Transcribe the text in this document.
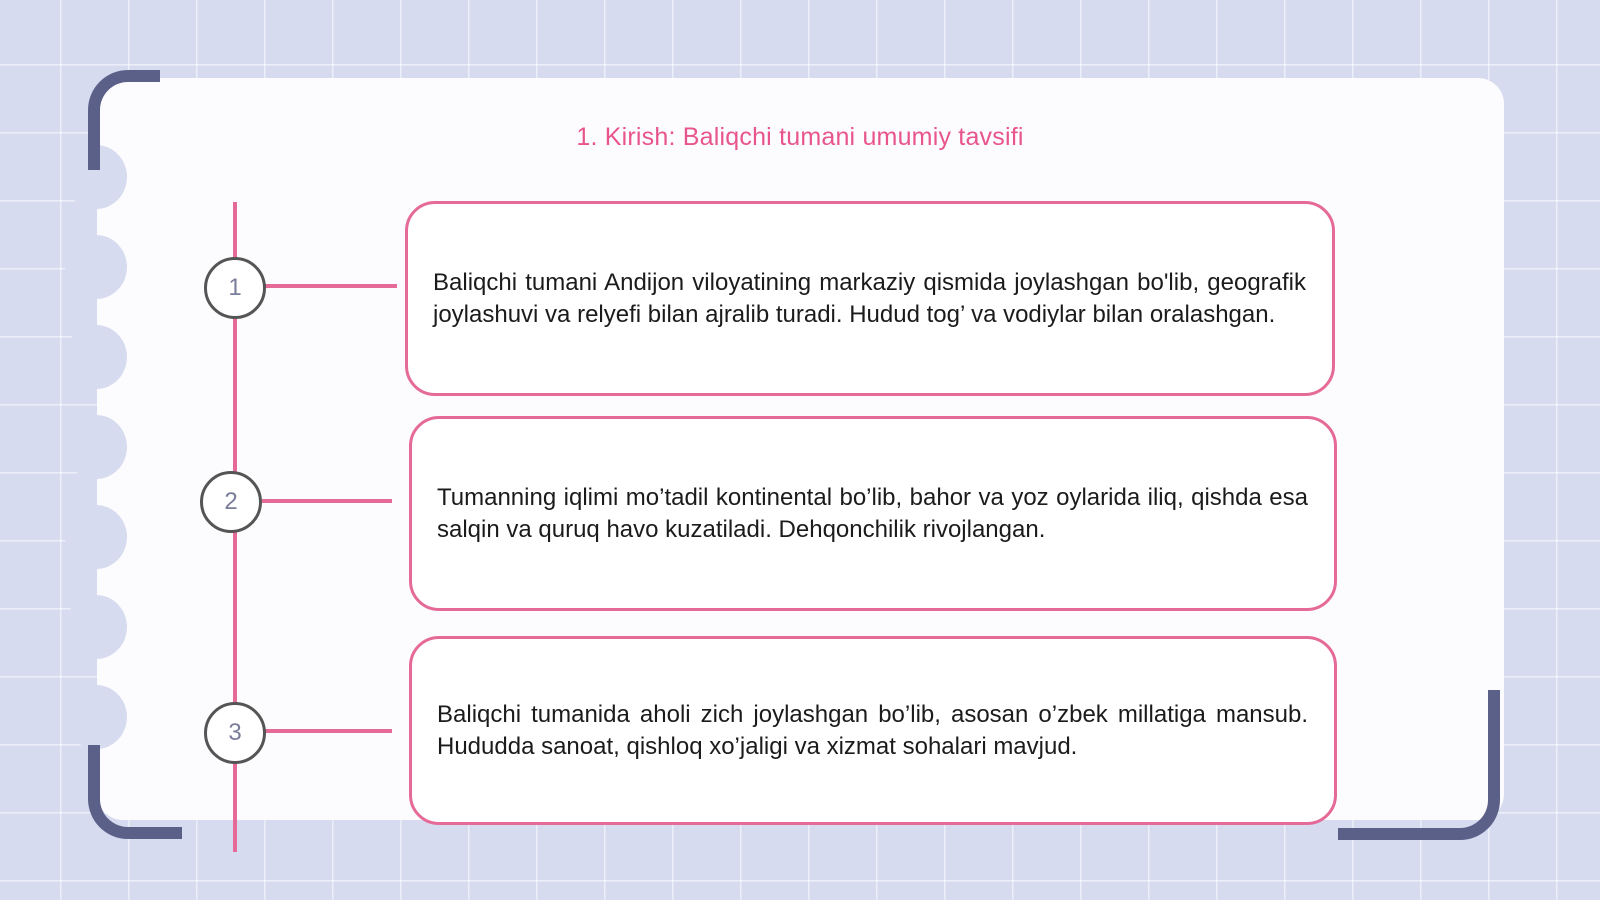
1. Kirish: Baliqchi tumani umumiy tavsifi
1
2
3

Baliqchi tumani Andijon viloyatining markaziy qismida joylashgan bo'lib, geografik joylashuvi va relyefi bilan ajralib turadi. Hudud tog’ va vodiylar bilan oralashgan.

Tumanning iqlimi mo’tadil kontinental bo’lib, bahor va yoz oylarida iliq, qishda esa salqin va quruq havo kuzatiladi. Dehqonchilik rivojlangan.

Baliqchi tumanida aholi zich joylashgan bo’lib, asosan o’zbek millatiga mansub. Hududda sanoat, qishloq xo’jaligi va xizmat sohalari mavjud.
